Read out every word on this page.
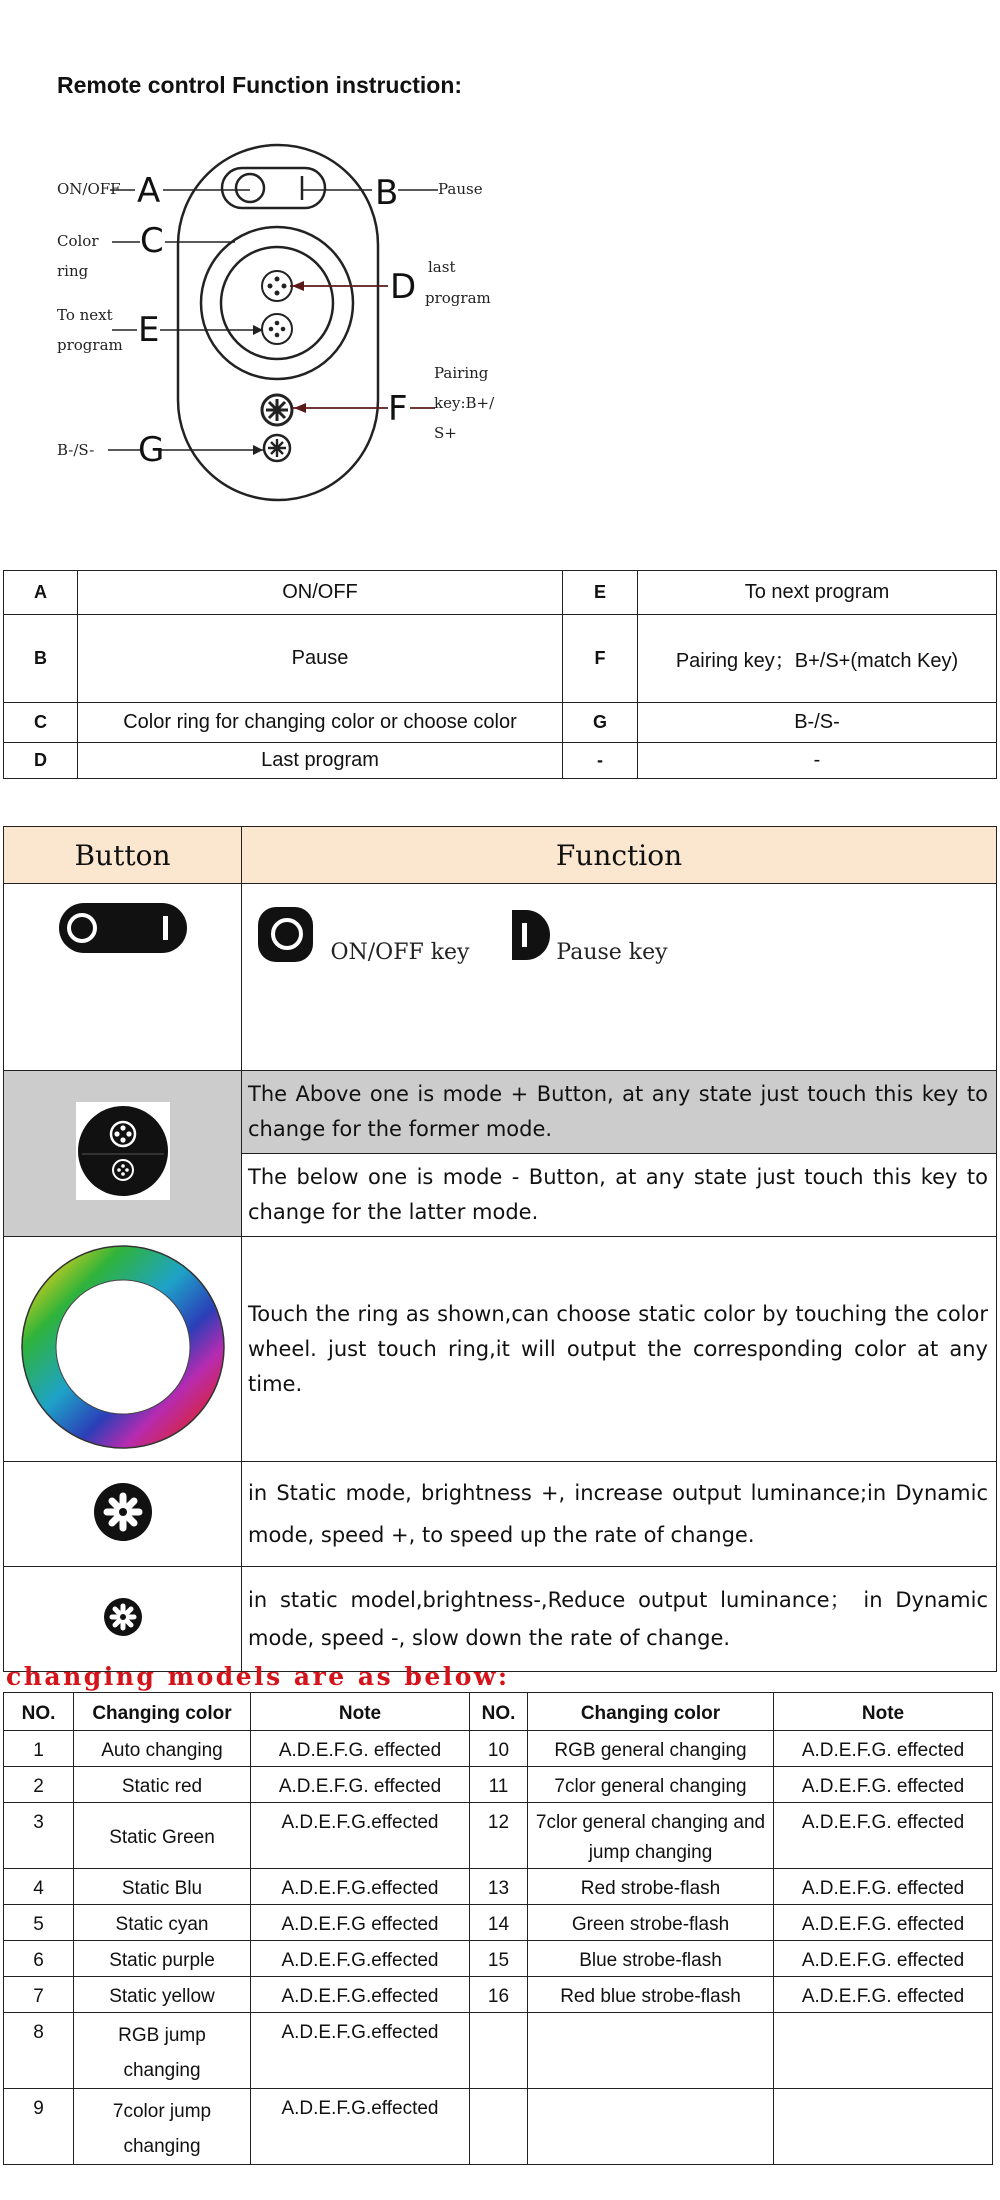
Remote control Function instruction:
ON/OFF A	B	Pause
Color
ring
C
To next
program E
D last
program
F
Pairing
key:B+/
S+
B-/S- G
A	ON/OFF	E	To next program
B	Pause	F	Pairing key；B+/S+(match Key)
C	Color ring for changing color or choose color	G	B-/S-
D	Last program	-	-
Button	Function
	ON/OFF key Pause key
	The Above one is mode + Button, at any state just touch this key to change for the former mode.
	The below one is mode - Button, at any state just touch this key to change for the latter mode.
	Touch the ring as shown,can choose static color by touching the color wheel. just touch ring,it will output the corresponding color at any time.
	in Static mode, brightness +, increase output luminance;in Dynamic mode, speed +, to speed up the rate of change.
	in static model,brightness-,Reduce output luminance； in Dynamic mode, speed -, slow down the rate of change.
changing models are as below:
NO.	Changing color	Note	NO.	Changing color	Note
1	Auto changing	A.D.E.F.G. effected	10	RGB general changing	A.D.E.F.G. effected
2	Static red	A.D.E.F.G. effected	11	7clor general changing	A.D.E.F.G. effected
3	Static Green	A.D.E.F.G.effected	12	7clor general changing and jump changing	A.D.E.F.G. effected
4	Static Blu	A.D.E.F.G.effected	13	Red strobe-flash	A.D.E.F.G. effected
5	Static cyan	A.D.E.F.G effected	14	Green strobe-flash	A.D.E.F.G. effected
6	Static purple	A.D.E.F.G.effected	15	Blue strobe-flash	A.D.E.F.G. effected
7	Static yellow	A.D.E.F.G.effected	16	Red blue strobe-flash	A.D.E.F.G. effected
8	RGB jump changing	A.D.E.F.G.effected			
9	7color jump changing	A.D.E.F.G.effected			
